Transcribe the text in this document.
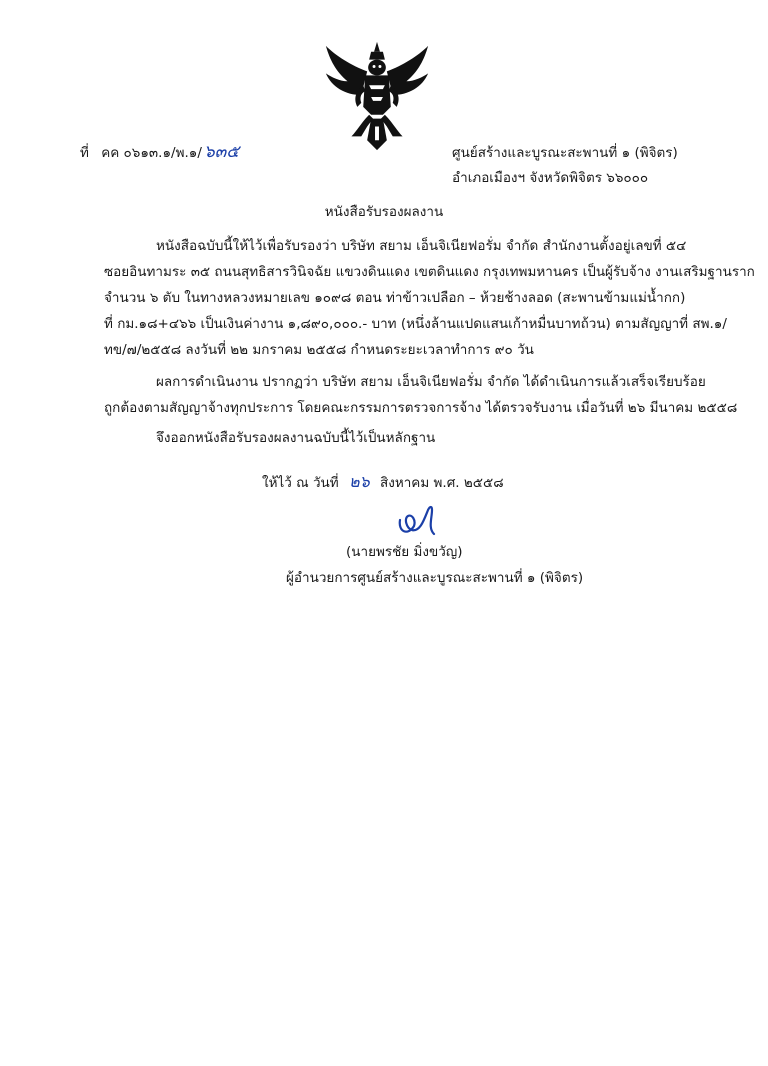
ที่ คค ๐๖๑๓.๑/พ.๑/ ๖๓๕	ศูนย์สร้างและบูรณะสะพานที่ ๑ (พิจิตร)
อำเภอเมืองฯ จังหวัดพิจิตร ๖๖๐๐๐
หนังสือรับรองผลงาน
หนังสือฉบับนี้ให้ไว้เพื่อรับรองว่า บริษัท สยาม เอ็นจิเนียฟอรั่ม จำกัด สำนักงานตั้งอยู่เลขที่ ๕๔
ซอยอินทามระ ๓๕ ถนนสุทธิสารวินิจฉัย แขวงดินแดง เขตดินแดง กรุงเทพมหานคร เป็นผู้รับจ้าง งานเสริมฐานราก
จำนวน ๖ ตับ ในทางหลวงหมายเลข ๑๐๙๘ ตอน ท่าข้าวเปลือก – ห้วยช้างลอด (สะพานข้ามแม่น้ำกก)
ที่ กม.๑๘+๔๖๖ เป็นเงินค่างาน ๑,๘๙๐,๐๐๐.- บาท (หนึ่งล้านแปดแสนเก้าหมื่นบาทถ้วน) ตามสัญญาที่ สพ.๑/
ทข/๗/๒๕๕๘ ลงวันที่ ๒๒ มกราคม ๒๕๕๘ กำหนดระยะเวลาทำการ ๙๐ วัน
ผลการดำเนินงาน ปรากฏว่า บริษัท สยาม เอ็นจิเนียฟอรั่ม จำกัด ได้ดำเนินการแล้วเสร็จเรียบร้อย
ถูกต้องตามสัญญาจ้างทุกประการ โดยคณะกรรมการตรวจการจ้าง ได้ตรวจรับงาน เมื่อวันที่ ๒๖ มีนาคม ๒๕๕๘
จึงออกหนังสือรับรองผลงานฉบับนี้ไว้เป็นหลักฐาน
ให้ไว้ ณ วันที่ ๒๖ สิงหาคม พ.ศ. ๒๕๕๘
(นายพรชัย มิ่งขวัญ)
ผู้อำนวยการศูนย์สร้างและบูรณะสะพานที่ ๑ (พิจิตร)
